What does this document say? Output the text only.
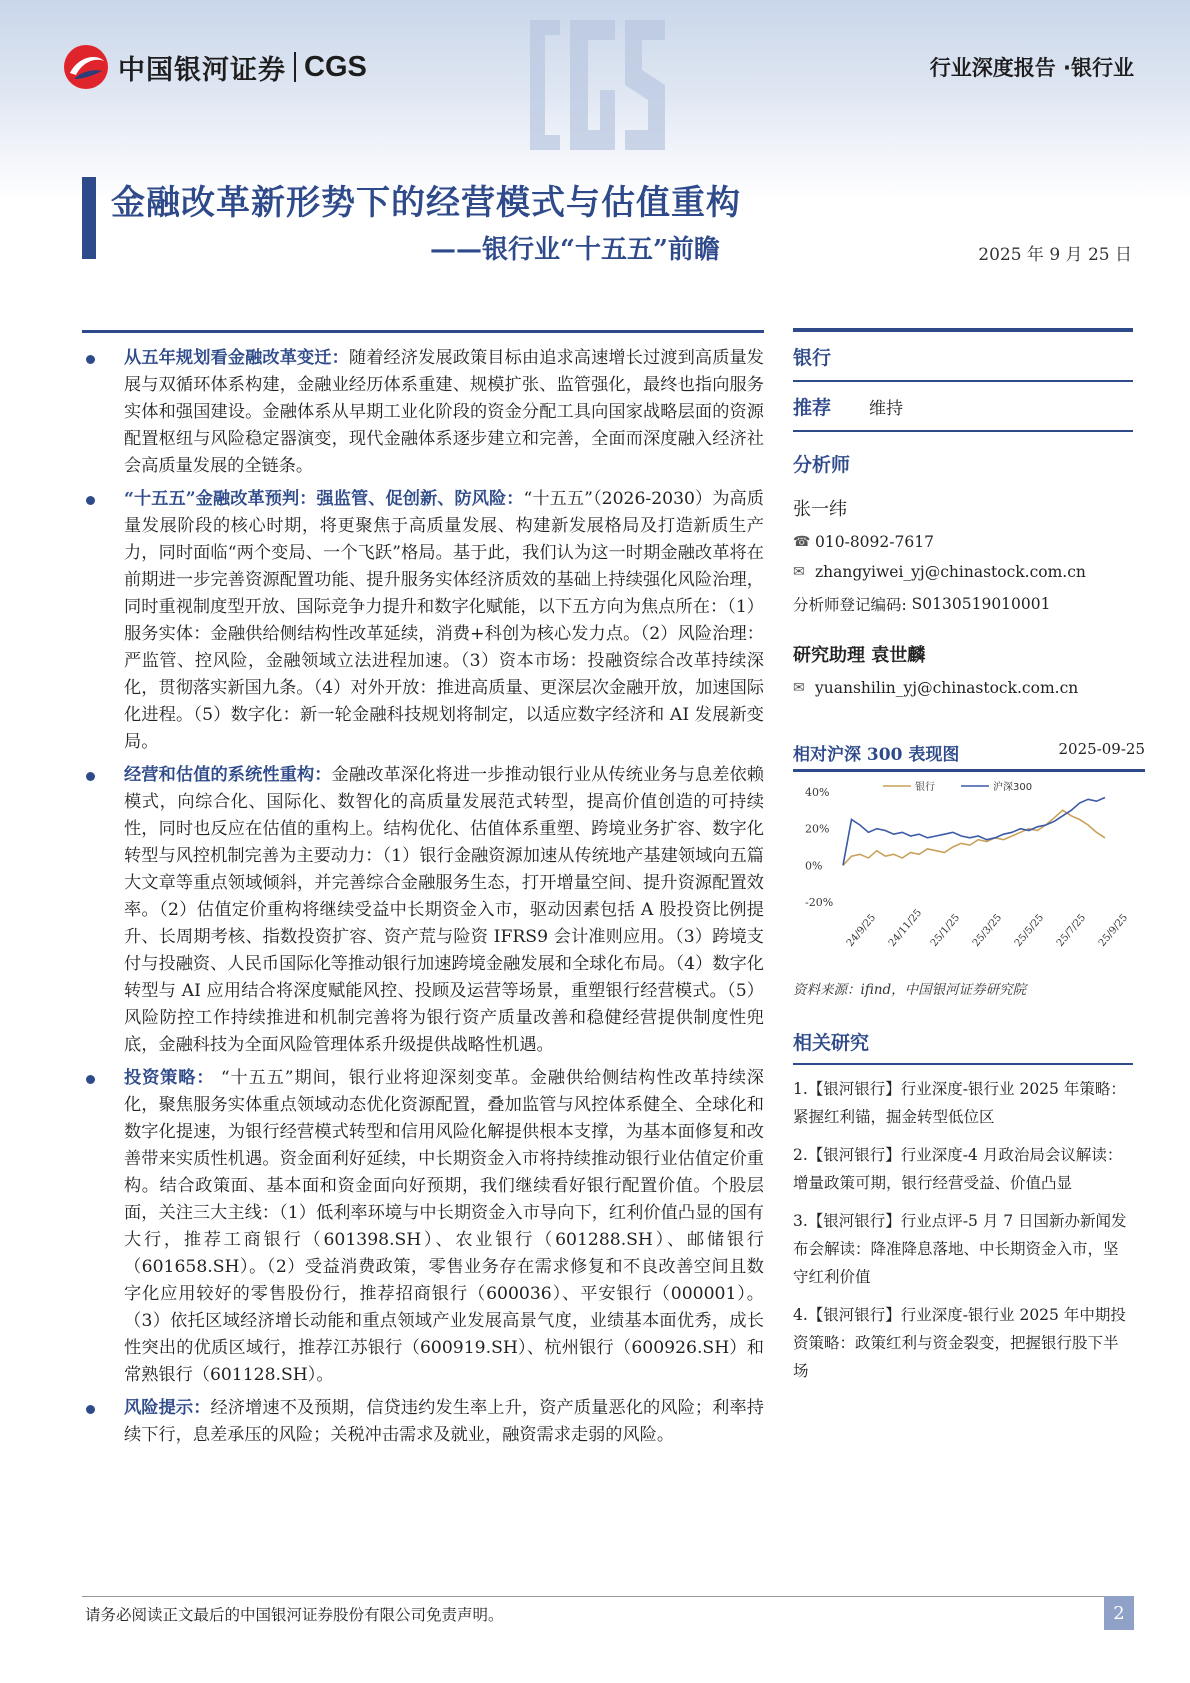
中国银河证券 CGS	行业深度报告 ·银行业
金融改革新形势下的经营模式与估值重构
——银行业“十五五”前瞻	2025 年 9 月 25 日
从五年规划看金融改革变迁：随着经济发展政策目标由追求高速增长过渡到高质量发展与双循环体系构建，金融业经历体系重建、规模扩张、监管强化，最终也指向服务实体和强国建设。金融体系从早期工业化阶段的资金分配工具向国家战略层面的资源配置枢纽与风险稳定器演变，现代金融体系逐步建立和完善，全面而深度融入经济社会高质量发展的全链条。
“十五五”金融改革预判：强监管、促创新、防风险：“十五五”（2026-2030）为高质量发展阶段的核心时期，将更聚焦于高质量发展、构建新发展格局及打造新质生产力，同时面临“两个变局、一个飞跃”格局。基于此，我们认为这一时期金融改革将在前期进一步完善资源配置功能、提升服务实体经济质效的基础上持续强化风险治理，同时重视制度型开放、国际竞争力提升和数字化赋能，以下五方向为焦点所在：（1）服务实体：金融供给侧结构性改革延续，消费+科创为核心发力点。（2）风险治理：严监管、控风险，金融领域立法进程加速。（3）资本市场：投融资综合改革持续深化，贯彻落实新国九条。（4）对外开放：推进高质量、更深层次金融开放，加速国际化进程。（5）数字化：新一轮金融科技规划将制定，以适应数字经济和 AI 发展新变局。
经营和估值的系统性重构：金融改革深化将进一步推动银行业从传统业务与息差依赖模式，向综合化、国际化、数智化的高质量发展范式转型，提高价值创造的可持续性，同时也反应在估值的重构上。结构优化、估值体系重塑、跨境业务扩容、数字化转型与风控机制完善为主要动力：（1）银行金融资源加速从传统地产基建领域向五篇大文章等重点领域倾斜，并完善综合金融服务生态，打开增量空间、提升资源配置效率。（2）估值定价重构将继续受益中长期资金入市，驱动因素包括 A 股投资比例提升、长周期考核、指数投资扩容、资产荒与险资 IFRS9 会计准则应用。（3）跨境支付与投融资、人民币国际化等推动银行加速跨境金融发展和全球化布局。（4）数字化转型与 AI 应用结合将深度赋能风控、投顾及运营等场景，重塑银行经营模式。（5）风险防控工作持续推进和机制完善将为银行资产质量改善和稳健经营提供制度性兜底，金融科技为全面风险管理体系升级提供战略性机遇。
投资策略： “十五五”期间，银行业将迎深刻变革。金融供给侧结构性改革持续深化，聚焦服务实体重点领域动态优化资源配置，叠加监管与风控体系健全、全球化和数字化提速，为银行经营模式转型和信用风险化解提供根本支撑，为基本面修复和改善带来实质性机遇。资金面利好延续，中长期资金入市将持续推动银行业估值定价重构。结合政策面、基本面和资金面向好预期，我们继续看好银行配置价值。个股层面，关注三大主线：（1）低利率环境与中长期资金入市导向下，红利价值凸显的国有大行，推荐工商银行（601398.SH）、农业银行（601288.SH）、邮储银行（601658.SH）。（2）受益消费政策，零售业务存在需求修复和不良改善空间且数字化应用较好的零售股份行，推荐招商银行（600036）、平安银行（000001）。（3）依托区域经济增长动能和重点领域产业发展高景气度，业绩基本面优秀，成长性突出的优质区域行，推荐江苏银行（600919.SH）、杭州银行（600926.SH）和常熟银行（601128.SH）。
风险提示：经济增速不及预期，信贷违约发生率上升，资产质量恶化的风险；利率持续下行，息差承压的风险；关税冲击需求及就业，融资需求走弱的风险。
银行
推荐 维持
分析师
张一纬
☎ 010-8092-7617
✉ zhangyiwei_yj@chinastock.com.cn
分析师登记编码:
S0130519010001
研究助理 袁世麟
✉ yuanshilin_yj@chinastock.com.cn
相对沪深 300 表现图	2025-09-25
40%
20%
0%
-20%
银行	沪深300
24/9/25 24/11/25 25/1/25 25/3/25 25/5/25 25/7/25 25/9/25
资料来源：ifind，中国银河证券研究院
相关研究
1.【银河银行】行业深度-银行业 2025 年策略：紧握红利锚，掘金转型低位区
2.【银河银行】行业深度-4 月政治局会议解读：增量政策可期，银行经营受益、价值凸显
3.【银河银行】行业点评-5 月 7 日国新办新闻发布会解读：降准降息落地、中长期资金入市，坚守红利价值
4.【银河银行】行业深度-银行业 2025 年中期投资策略：政策红利与资金裂变，把握银行股下半场
请务必阅读正文最后的中国银河证券股份有限公司免责声明。	2
